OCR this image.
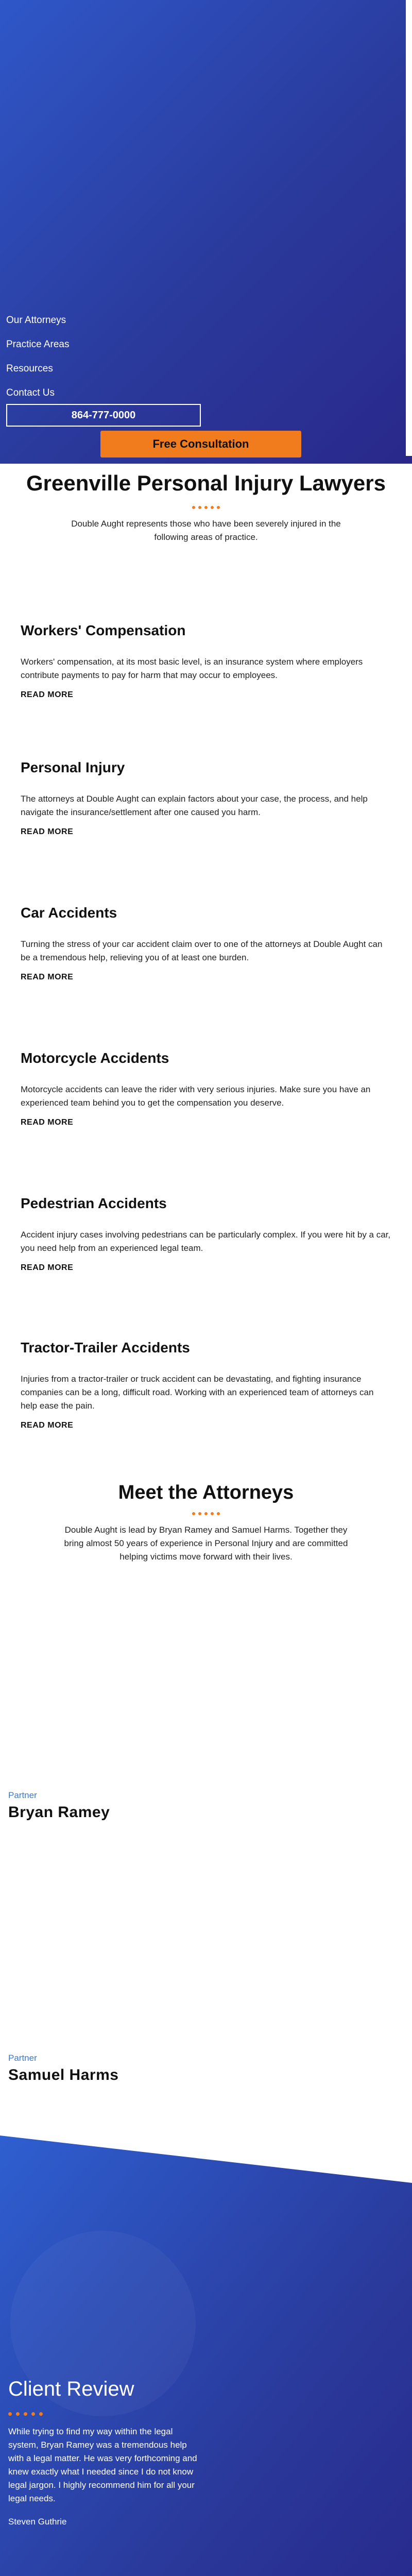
Our Attorneys
Practice Areas
Resources
Contact Us
864-777-0000
Free Consultation
Greenville Personal Injury Lawyers

Double Aught represents those who have been severely injured in the following areas of practice.

Workers' Compensation

Workers' compensation, at its most basic level, is an insurance system where employers contribute payments to pay for harm that may occur to employees.

READ MORE
Personal Injury

The attorneys at Double Aught can explain factors about your case, the process, and help navigate the insurance/settlement after one caused you harm.

READ MORE
Car Accidents

Turning the stress of your car accident claim over to one of the attorneys at Double Aught can be a tremendous help, relieving you of at least one burden.

READ MORE
Motorcycle Accidents

Motorcycle accidents can leave the rider with very serious injuries. Make sure you have an experienced team behind you to get the compensation you deserve.

READ MORE
Pedestrian Accidents

Accident injury cases involving pedestrians can be particularly complex. If you were hit by a car, you need help from an experienced legal team.

READ MORE
Tractor-Trailer Accidents

Injuries from a tractor-trailer or truck accident can be devastating, and fighting insurance companies can be a long, difficult road. Working with an experienced team of attorneys can help ease the pain.

READ MORE
Meet the Attorneys

Double Aught is lead by Bryan Ramey and Samuel Harms. Together they bring almost 50 years of experience in Personal Injury and are committed helping victims move forward with their lives.

Partner
Bryan Ramey
Partner
Samuel Harms
Client Review

While trying to find my way within the legal system, Bryan Ramey was a tremendous help with a legal matter. He was very forthcoming and knew exactly what I needed since I do not know legal jargon. I highly recommend him for all your legal needs.

Steven Guthrie
